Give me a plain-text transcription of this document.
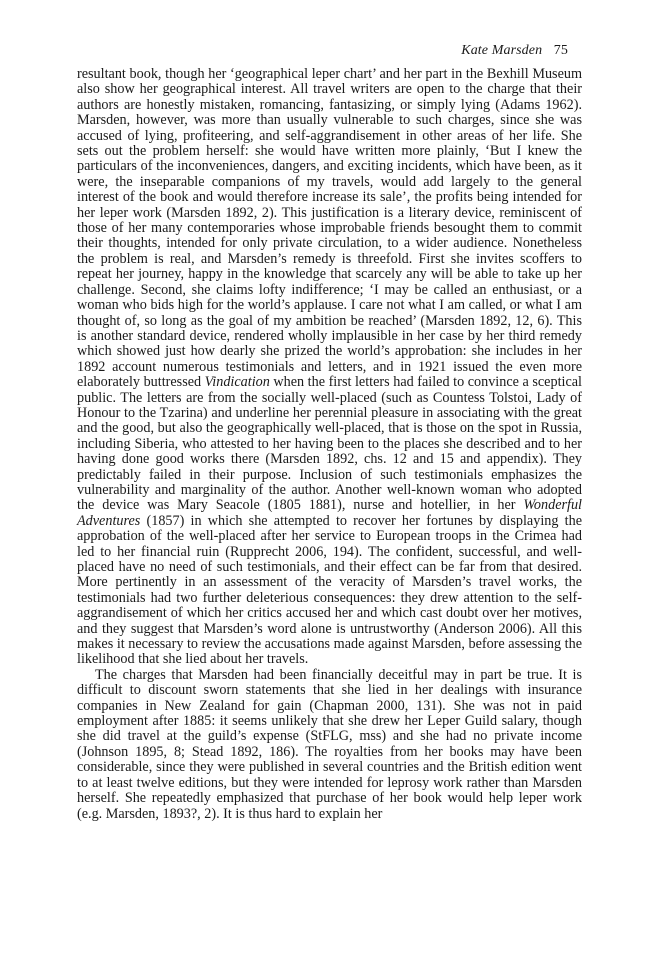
Kate Marsden 75

resultant book, though her ‘geographical leper chart’ and her part in the Bexhill Museum also show her geographical interest. All travel writers are open to the charge that their authors are honestly mistaken, romancing, fantasizing, or simply lying (Adams 1962). Marsden, however, was more than usually vulnerable to such charges, since she was accused of lying, profiteering, and self-aggrandisement in other areas of her life. She sets out the problem herself: she would have written more plainly, ‘But I knew the particulars of the inconveniences, dangers, and exciting incidents, which have been, as it were, the inseparable companions of my travels, would add largely to the general interest of the book and would therefore increase its sale’, the profits being intended for her leper work (Marsden 1892, 2). This justification is a literary device, reminiscent of those of her many contemporaries whose improbable friends besought them to commit their thoughts, intended for only private circulation, to a wider audience. Nonetheless the problem is real, and Marsden’s remedy is threefold. First she invites scoffers to repeat her journey, happy in the knowledge that scarcely any will be able to take up her challenge. Second, she claims lofty indifference; ‘I may be called an enthusiast, or a woman who bids high for the world’s applause. I care not what I am called, or what I am thought of, so long as the goal of my ambition be reached’ (Marsden 1892, 12, 6). This is another standard device, rendered wholly implausible in her case by her third remedy which showed just how dearly she prized the world’s approbation: she includes in her 1892 account numerous testimonials and letters, and in 1921 issued the even more elaborately buttressed Vindication when the first letters had failed to convince a sceptical public. The letters are from the socially well-placed (such as Countess Tolstoi, Lady of Honour to the Tzarina) and underline her perennial pleasure in associating with the great and the good, but also the geographically well-placed, that is those on the spot in Russia, including Siberia, who attested to her having been to the places she described and to her having done good works there (Marsden 1892, chs. 12 and 15 and appendix). They predictably failed in their purpose. Inclusion of such testimonials emphasizes the vulnerability and marginality of the author. Another well-known woman who adopted the device was Mary Seacole (1805 1881), nurse and hotellier, in her Wonderful Adventures (1857) in which she attempted to recover her fortunes by displaying the approbation of the well-placed after her service to European troops in the Crimea had led to her financial ruin (Rupprecht 2006, 194). The confident, successful, and well-placed have no need of such testimonials, and their effect can be far from that desired. More pertinently in an assessment of the veracity of Marsden’s travel works, the testimonials had two further deleterious consequences: they drew attention to the self-aggrandisement of which her critics accused her and which cast doubt over her motives, and they suggest that Marsden’s word alone is untrustworthy (Anderson 2006). All this makes it necessary to review the accusations made against Marsden, before assessing the likelihood that she lied about her travels.

The charges that Marsden had been financially deceitful may in part be true. It is difficult to discount sworn statements that she lied in her dealings with insurance companies in New Zealand for gain (Chapman 2000, 131). She was not in paid employment after 1885: it seems unlikely that she drew her Leper Guild salary, though she did travel at the guild’s expense (StFLG, mss) and she had no private income (Johnson 1895, 8; Stead 1892, 186). The royalties from her books may have been considerable, since they were published in several countries and the British edition went to at least twelve editions, but they were intended for leprosy work rather than Marsden herself. She repeatedly emphasized that purchase of her book would help leper work (e.g. Marsden, 1893?, 2). It is thus hard to explain her
